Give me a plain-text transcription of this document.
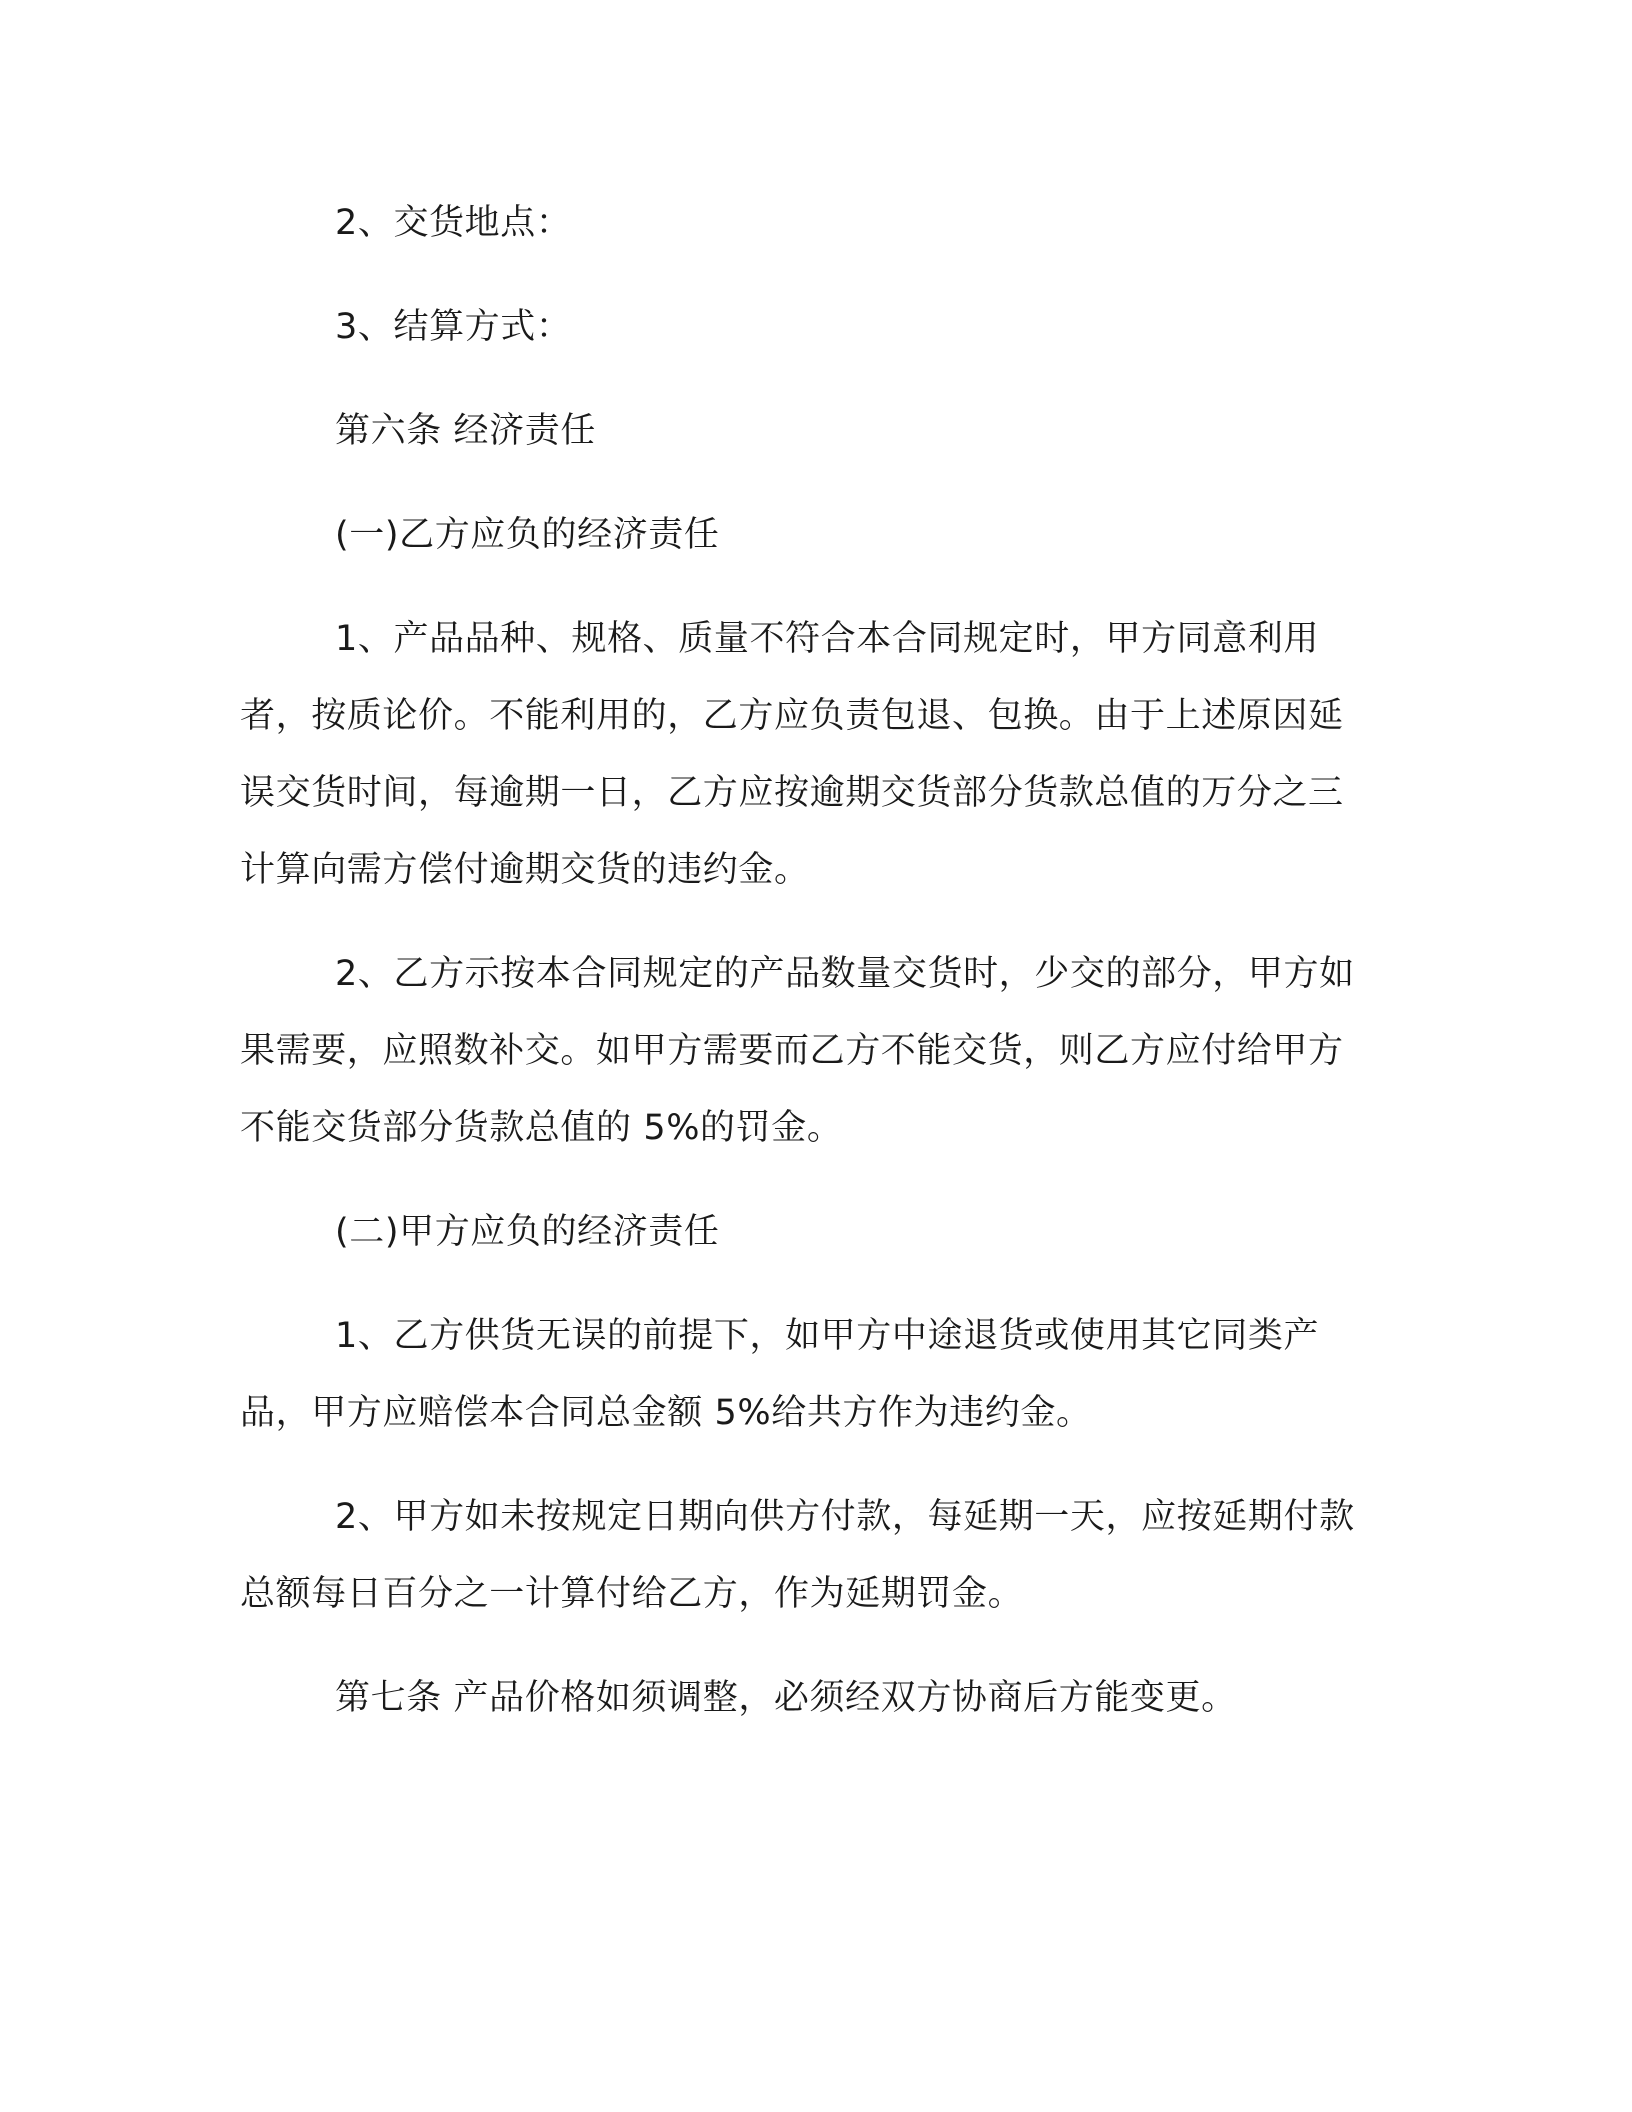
2、交货地点：

3、结算方式：

第六条 经济责任

(一)乙方应负的经济责任

1、产品品种、规格、质量不符合本合同规定时，甲方同意利用者，按质论价。不能利用的，乙方应负责包退、包换。由于上述原因延误交货时间，每逾期一日，乙方应按逾期交货部分货款总值的万分之三计算向需方偿付逾期交货的违约金。

2、乙方示按本合同规定的产品数量交货时，少交的部分，甲方如果需要，应照数补交。如甲方需要而乙方不能交货，则乙方应付给甲方不能交货部分货款总值的 5%的罚金。

(二)甲方应负的经济责任

1、乙方供货无误的前提下，如甲方中途退货或使用其它同类产品，甲方应赔偿本合同总金额 5%给共方作为违约金。

2、甲方如未按规定日期向供方付款，每延期一天，应按延期付款总额每日百分之一计算付给乙方，作为延期罚金。

第七条 产品价格如须调整，必须经双方协商后方能变更。
